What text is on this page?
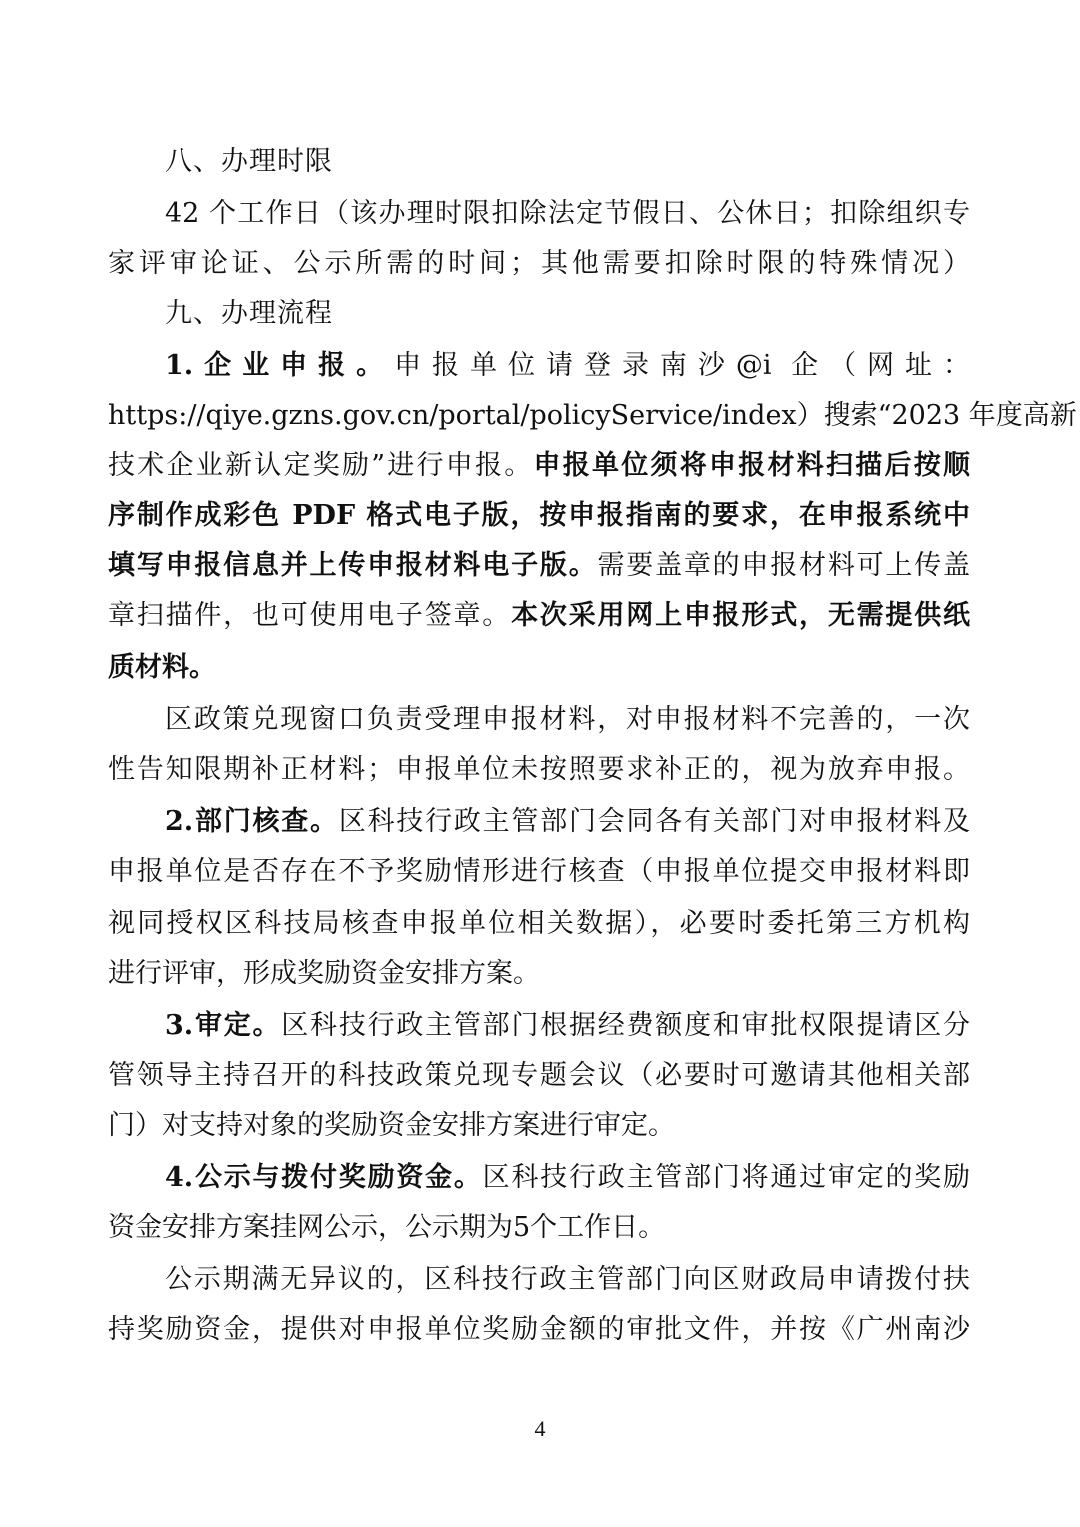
八、办理时限
42 个工作日（该办理时限扣除法定节假日、公休日；扣除组织专
家评审论证、公示所需的时间；其他需要扣除时限的特殊情况）
九、办理流程
1.企业申报。申报单位请登录南沙@i 企（网址：
https://qiye.gzns.gov.cn/portal/policyService/index）搜索“2023 年度高新
技术企业新认定奖励”进行申报。申报单位须将申报材料扫描后按顺
序制作成彩色 PDF 格式电子版，按申报指南的要求，在申报系统中
填写申报信息并上传申报材料电子版。需要盖章的申报材料可上传盖
章扫描件，也可使用电子签章。本次采用网上申报形式，无需提供纸
质材料。
区政策兑现窗口负责受理申报材料，对申报材料不完善的，一次
性告知限期补正材料；申报单位未按照要求补正的，视为放弃申报。
2.部门核查。区科技行政主管部门会同各有关部门对申报材料及
申报单位是否存在不予奖励情形进行核查（申报单位提交申报材料即
视同授权区科技局核查申报单位相关数据），必要时委托第三方机构
进行评审，形成奖励资金安排方案。
3.审定。区科技行政主管部门根据经费额度和审批权限提请区分
管领导主持召开的科技政策兑现专题会议（必要时可邀请其他相关部
门）对支持对象的奖励资金安排方案进行审定。
4.公示与拨付奖励资金。区科技行政主管部门将通过审定的奖励
资金安排方案挂网公示，公示期为5个工作日。
公示期满无异议的，区科技行政主管部门向区财政局申请拨付扶
持奖励资金，提供对申报单位奖励金额的审批文件，并按《广州南沙
4
